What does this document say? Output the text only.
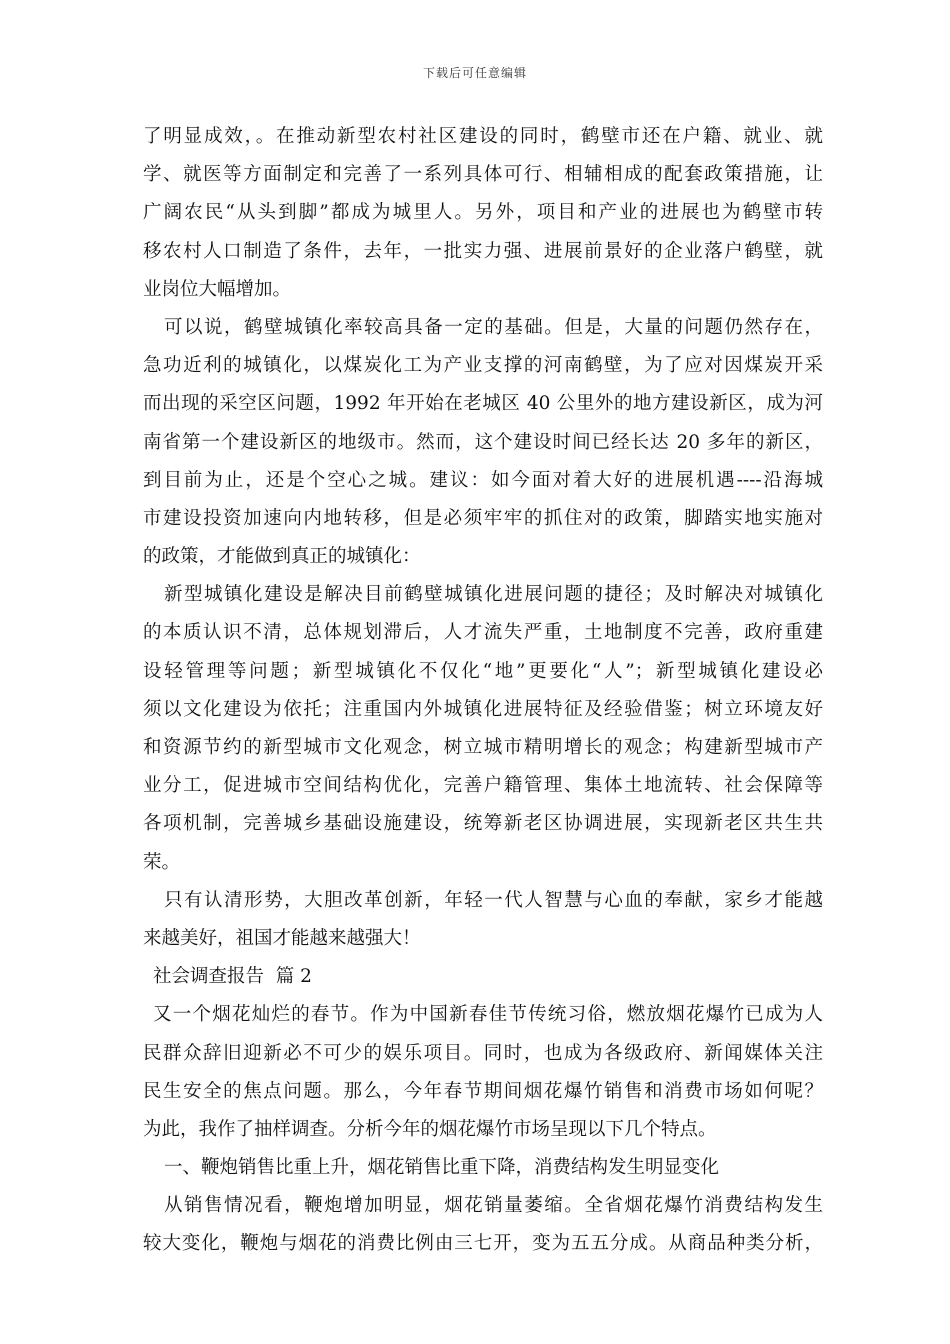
下载后可任意编辑
了明显成效，。在推动新型农村社区建设的同时，鹤壁市还在户籍、就业、就
学、就医等方面制定和完善了一系列具体可行、相辅相成的配套政策措施，让
广阔农民“从头到脚”都成为城里人。另外，项目和产业的进展也为鹤壁市转
移农村人口制造了条件，去年，一批实力强、进展前景好的企业落户鹤壁，就
业岗位大幅增加。
可以说，鹤壁城镇化率较高具备一定的基础。但是，大量的问题仍然存在，
急功近利的城镇化，以煤炭化工为产业支撑的河南鹤壁，为了应对因煤炭开采
而出现的采空区问题，1992 年开始在老城区 40 公里外的地方建设新区，成为河
南省第一个建设新区的地级市。然而，这个建设时间已经长达 20 多年的新区，
到目前为止，还是个空心之城。建议：如今面对着大好的进展机遇----沿海城
市建设投资加速向内地转移，但是必须牢牢的抓住对的政策，脚踏实地实施对
的政策，才能做到真正的城镇化：
新型城镇化建设是解决目前鹤壁城镇化进展问题的捷径；及时解决对城镇化
的本质认识不清，总体规划滞后，人才流失严重，土地制度不完善，政府重建
设轻管理等问题；新型城镇化不仅化“地”更要化“人”；新型城镇化建设必
须以文化建设为依托；注重国内外城镇化进展特征及经验借鉴；树立环境友好
和资源节约的新型城市文化观念，树立城市精明增长的观念；构建新型城市产
业分工，促进城市空间结构优化，完善户籍管理、集体土地流转、社会保障等
各项机制，完善城乡基础设施建设，统筹新老区协调进展，实现新老区共生共
荣。
只有认清形势，大胆改革创新，年轻一代人智慧与心血的奉献，家乡才能越
来越美好，祖国才能越来越强大！
社会调查报告  篇 2
又一个烟花灿烂的春节。作为中国新春佳节传统习俗，燃放烟花爆竹已成为人
民群众辞旧迎新必不可少的娱乐项目。同时，也成为各级政府、新闻媒体关注
民生安全的焦点问题。那么，今年春节期间烟花爆竹销售和消费市场如何呢？
为此，我作了抽样调查。分析今年的烟花爆竹市场呈现以下几个特点。
一、鞭炮销售比重上升，烟花销售比重下降，消费结构发生明显变化
从销售情况看，鞭炮增加明显，烟花销量萎缩。全省烟花爆竹消费结构发生
较大变化，鞭炮与烟花的消费比例由三七开，变为五五分成。从商品种类分析，
